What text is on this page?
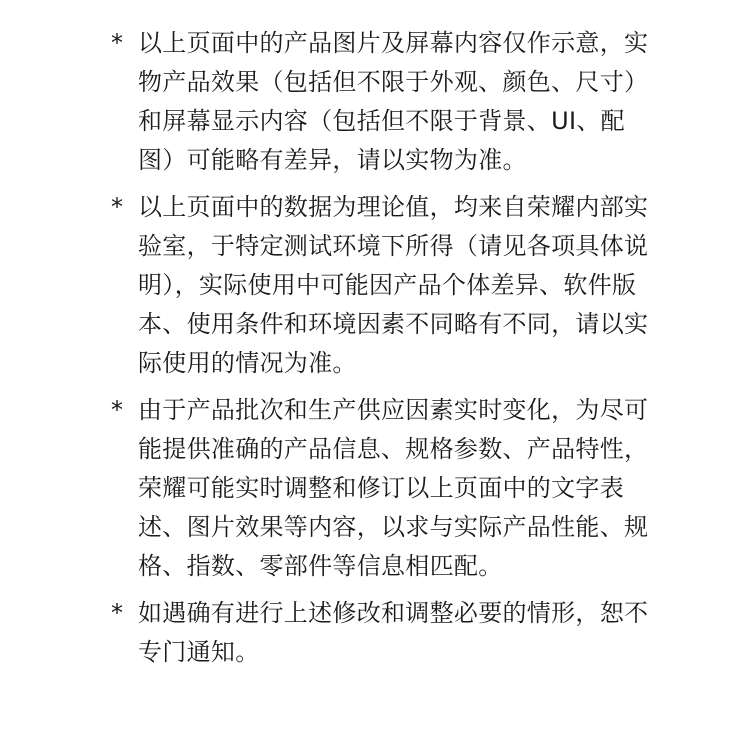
* 以上页面中的产品图片及屏幕内容仅作示意，实
物产品效果（包括但不限于外观、颜色、尺寸）
和屏幕显示内容（包括但不限于背景、UI、配
图）可能略有差异，请以实物为准。
* 以上页面中的数据为理论值，均来自荣耀内部实
验室，于特定测试环境下所得（请见各项具体说
明），实际使用中可能因产品个体差异、软件版
本、使用条件和环境因素不同略有不同，请以实
际使用的情况为准。
* 由于产品批次和生产供应因素实时变化，为尽可
能提供准确的产品信息、规格参数、产品特性，
荣耀可能实时调整和修订以上页面中的文字表
述、图片效果等内容，以求与实际产品性能、规
格、指数、零部件等信息相匹配。
* 如遇确有进行上述修改和调整必要的情形，恕不
专门通知。
